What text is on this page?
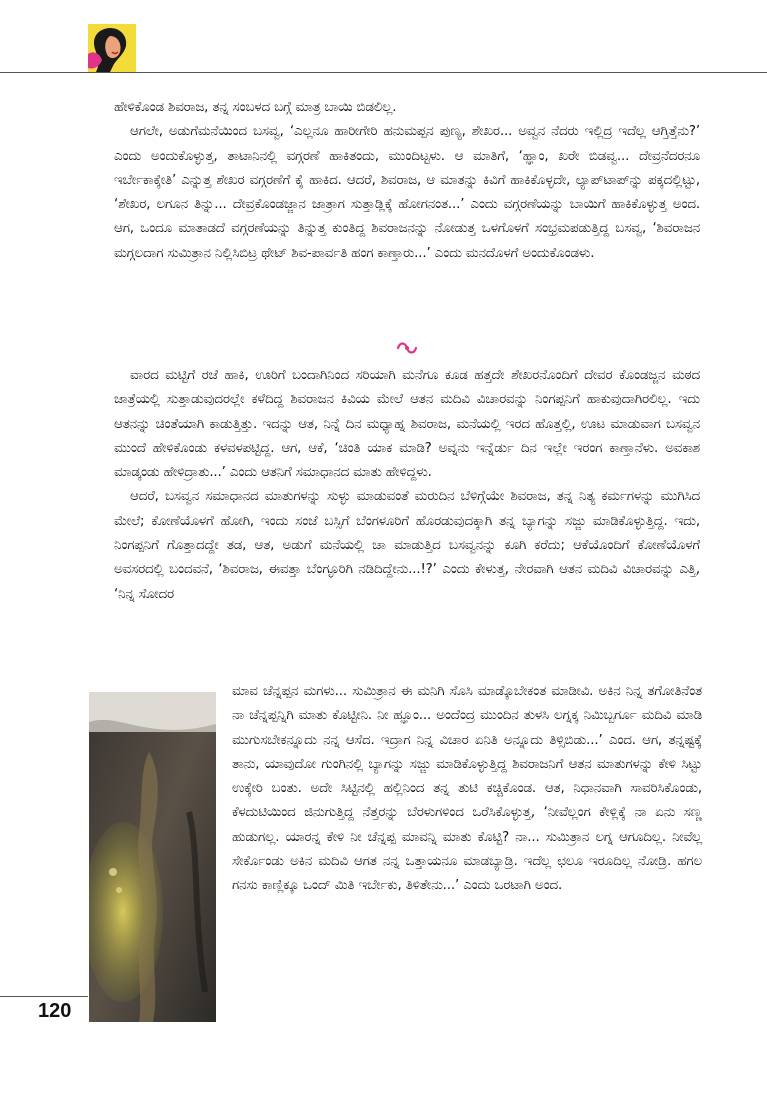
ಹೇಳಿಕೊಂಡ ಶಿವರಾಜ, ತನ್ನ ಸಂಬಳದ ಬಗ್ಗೆ ಮಾತ್ರ ಬಾಯಿ ಬಿಡಲಿಲ್ಲ.

ಆಗಲೇ, ಅಡುಗೆಮನೆಯಿಂದ ಬಸವ್ವ, ‘ಎಲ್ಲನೂ ಹಾರೀಗೇರಿ ಹನುಮಪ್ಪನ ಪುಣ್ಯ, ಶೇಖರ... ಅವ್ವನ ನೆದರು ಇಲ್ಲಿದ್ರ ಇದೆಲ್ಲ ಆಗ್ತಿತ್ತೆನು?’ ಎಂದು ಅಂದುಕೊಳ್ಳುತ್ತ, ತಾಟಾನಿನಲ್ಲಿ ವಗ್ಗರಣೆ ಹಾಕಿತಂದು, ಮುಂದಿಟ್ಟಳು. ಆ ಮಾತಿಗೆ, ‘ಹ್ಞಾಂ, ಖರೇ ಬಿಡವ್ವ... ದೇವ್ರನೆದರನೂ ಇರ್ಬೇಕಾಕ್ಕೇತಿ’ ಎನ್ನುತ್ತ ಶೇಖರ ವಗ್ಗರಣೆಗೆ ಕೈ ಹಾಕಿದ. ಆದರೆ, ಶಿವರಾಜ, ಆ ಮಾತನ್ನು ಕಿವಿಗೆ ಹಾಕಿಕೊಳ್ಳದೇ, ಲ್ಯಾಪ್‌ಟಾಪ್‌ನ್ನು ಪಕ್ಕದಲ್ಲಿಟ್ಟು, ‘ಶೇಖರ, ಲಗೂನ ತಿನ್ನು... ದೇವ್ರಕೊಂಡಜ್ಜಾನ ಜಾತ್ರಾಗ ಸುತ್ತಾಡ್ಲಿಕ್ಕೆ ಹೋಗನಂತ...’ ಎಂದು ವಗ್ಗರಣೆಯನ್ನು ಬಾಯಿಗೆ ಹಾಕಿಕೊಳ್ಳುತ್ತ ಅಂದ. ಆಗ, ಒಂದೂ ಮಾತಾಡದೆ ವಗ್ಗರಣೆಯನ್ನು ತಿನ್ನುತ್ತ ಕುಂತಿದ್ದ ಶಿವರಾಜನನ್ನು ನೋಡುತ್ತ ಒಳಗೊಳಗೆ ಸಂಭ್ರಮಪಡುತ್ತಿದ್ದ ಬಸವ್ವ, ‘ಶಿವರಾಜನ ಮಗ್ಗಲದಾಗ ಸುಮಿತ್ರಾನ ನಿಲ್ಲಿಸಿಬಿಟ್ರ ಥೇಟ್ ಶಿವ-ಪಾರ್ವತಿ ಹಂಗ ಕಾಣ್ತಾರು...’ ಎಂದು ಮನದೊಳಗೆ ಅಂದುಕೊಂಡಳು.

ವಾರದ ಮಟ್ಟಿಗೆ ರಜೆ ಹಾಕಿ, ಊರಿಗೆ ಬಂದಾಗಿನಿಂದ ಸರಿಯಾಗಿ ಮನೆಗೂ ಕೂಡ ಹತ್ತದೇ ಶೇಖರನೊಂದಿಗೆ ದೇವರ ಕೊಂಡಜ್ಜನ ಮಠದ ಜಾತ್ರೆಯಲ್ಲಿ ಸುತ್ತಾಡುವುದರಲ್ಲೇ ಕಳೆದಿದ್ದ ಶಿವರಾಜನ ಕಿವಿಯ ಮೇಲೆ ಆತನ ಮದಿವಿ ವಿಚಾರವನ್ನು ನಿಂಗಪ್ಪನಿಗೆ ಹಾಕುವುದಾಗಿರಲಿಲ್ಲ. ಇದು ಆತನನ್ನು ಚಿಂತೆಯಾಗಿ ಕಾಡುತ್ತಿತ್ತು. ಇದನ್ನು ಆತ, ನಿನ್ನೆ ದಿನ ಮಧ್ಯಾಹ್ನ ಶಿವರಾಜ, ಮನೆಯಲ್ಲಿ ಇರದ ಹೊತ್ತಲ್ಲಿ, ಊಟ ಮಾಡುವಾಗ ಬಸವ್ವನ ಮುಂದೆ ಹೇಳಿಕೊಂಡು ಕಳವಳಪಟ್ಟಿದ್ದ. ಆಗ, ಆಕೆ, ‘ಚಿಂತಿ ಯಾಕ ಮಾಡಿ? ಅವ್ನನು ಇನ್ನೆರ್ಡು ದಿನ ಇಲ್ಲೇ ಇರಂಗ ಕಾಣ್ತಾನೆಳು. ಅವಕಾಶ ಮಾಡ್ಕಂಡು ಹೇಳಿದ್ರಾತು...’ ಎಂದು ಆತನಿಗೆ ಸಮಾಧಾನದ ಮಾತು ಹೇಳಿದ್ದಳು.

ಆದರೆ, ಬಸವ್ವನ ಸಮಾಧಾನದ ಮಾತುಗಳನ್ನು ಸುಳ್ಳು ಮಾಡುವಂತೆ ಮರುದಿನ ಬೆಳಿಗ್ಗೆಯೇ ಶಿವರಾಜ, ತನ್ನ ನಿತ್ಯ ಕರ್ಮಗಳನ್ನು ಮುಗಿಸಿದ ಮೇಲೆ; ಕೋಣೆಯೊಳಗೆ ಹೋಗಿ, ಇಂದು ಸಂಜೆ ಬಸ್ಸಿಗೆ ಬೆಂಗಳೂರಿಗೆ ಹೊರಡುವುದಕ್ಕಾಗಿ ತನ್ನ ಬ್ಯಾಗನ್ನು ಸಜ್ಜು ಮಾಡಿಕೊಳ್ಳುತ್ತಿದ್ದ. ಇದು, ನಿಂಗಪ್ಪನಿಗೆ ಗೊತ್ತಾದದ್ದೇ ತಡ, ಆತ, ಅಡುಗೆ ಮನೆಯಲ್ಲಿ ಚಾ ಮಾಡುತ್ತಿದ ಬಸವ್ವನನ್ನು ಕೂಗಿ ಕರೆದು; ಆಕೆಯೊಂದಿಗೆ ಕೋಣೆಯೊಳಗೆ ಅವಸರದಲ್ಲಿ ಬಂದವನೆ, ‘ಶಿವರಾಜ, ಈವತ್ತಾ ಬೆಂಗ್ಳೂರಿಗಿ ನಡಿದಿದ್ದೇನು...!?’ ಎಂದು ಕೇಳುತ್ತ, ನೇರವಾಗಿ ಆತನ ಮದಿವಿ ವಿಚಾರವನ್ನು ಎತ್ತಿ, ‘ನಿನ್ನ ಸೋದರ

ಮಾವ ಚೆನ್ನಪ್ಪನ ಮಗಳು... ಸುಮಿತ್ರಾನ ಈ ಮನಿಗಿ ಸೊಸಿ ಮಾಡ್ಕೊಬೇಕಂತ ಮಾಡೀವಿ. ಅಕಿನ ನಿನ್ನ ತಗೋತಿನೆಂತ ನಾ ಚೆನ್ನಪ್ಪನ್ನಿಗಿ ಮಾತು ಕೊಟ್ಟೀನಿ. ನೀ ಹ್ಞೂಂ... ಅಂದೆಂದ್ರ ಮುಂದಿನ ತುಳಸಿ ಲಗ್ನಕ್ಕ ನಿಮಿಬ್ಬರ್ಗೂ ಮದಿವಿ ಮಾಡಿ ಮುಗುಸಬೇಕನ್ನೂದು ನನ್ನ ಆಸೆದ. ಇದ್ರಾಗ ನಿನ್ನ ವಿಚಾರ ಏನಿತಿ ಅನ್ನೂದು ತಿಳ್ಸಿಬಿಡು...’ ಎಂದ. ಆಗ, ತನ್ನಷ್ಟಕ್ಕೆ ತಾನು, ಯಾವುದೋ ಗುಂಗಿನಲ್ಲಿ ಬ್ಯಾಗನ್ನು ಸಜ್ಜು ಮಾಡಿಕೊಳ್ಳುತ್ತಿದ್ದ ಶಿವರಾಜನಿಗೆ ಆತನ ಮಾತುಗಳನ್ನು ಕೇಳಿ ಸಿಟ್ಟು ಉಕ್ಕೇರಿ ಬಂತು. ಅದೇ ಸಿಟ್ಟಿನಲ್ಲಿ ಹಲ್ಲಿನಿಂದ ತನ್ನ ತುಟಿ ಕಚ್ಚಿಕೊಂಡ. ಆತ, ನಿಧಾನವಾಗಿ ಸಾವರಿಸಿಕೊಂಡು, ಕೆಳದುಟಿಯಿಂದ ಜಿನುಗುತ್ತಿದ್ದ ನೆತ್ತರನ್ನು ಬೆರಳುಗಳಿಂದ ಒರೆಸಿಕೊಳ್ಳುತ್ತ, ‘ನೀವೆಲ್ಲಂಗ ಕೇಳ್ಲಿಕ್ಕೆ ನಾ ಏನು ಸಣ್ಣ ಹುಡುಗಲ್ಲ. ಯಾರನ್ನ ಕೇಳಿ ನೀ ಚೆನ್ನಪ್ಪ ಮಾವನ್ನಿ ಮಾತು ಕೊಟ್ಟಿ? ನಾ... ಸುಮಿತ್ರಾನ ಲಗ್ನ ಆಗೂದಿಲ್ಲ. ನೀವೆಲ್ಲ ಸೇರ್ಕೊಂಡು ಅಕಿನ ಮದಿವಿ ಆಗತ ನನ್ನ ಒತ್ತಾಯನೂ ಮಾಡಬ್ಯಾಡ್ರಿ. ಇದೆಲ್ಲ ಛಲೂ ಇರೂದಿಲ್ಲ ನೋಡ್ರಿ. ಹಗಲ ಗನಸು ಕಾಣ್ಲಿಕ್ಕೂ ಒಂದ್ ಮಿತಿ ಇರ್ಬೇಕು, ತಿಳಿತೇನು...’ ಎಂದು ಒರಟಾಗಿ ಅಂದ.

120
